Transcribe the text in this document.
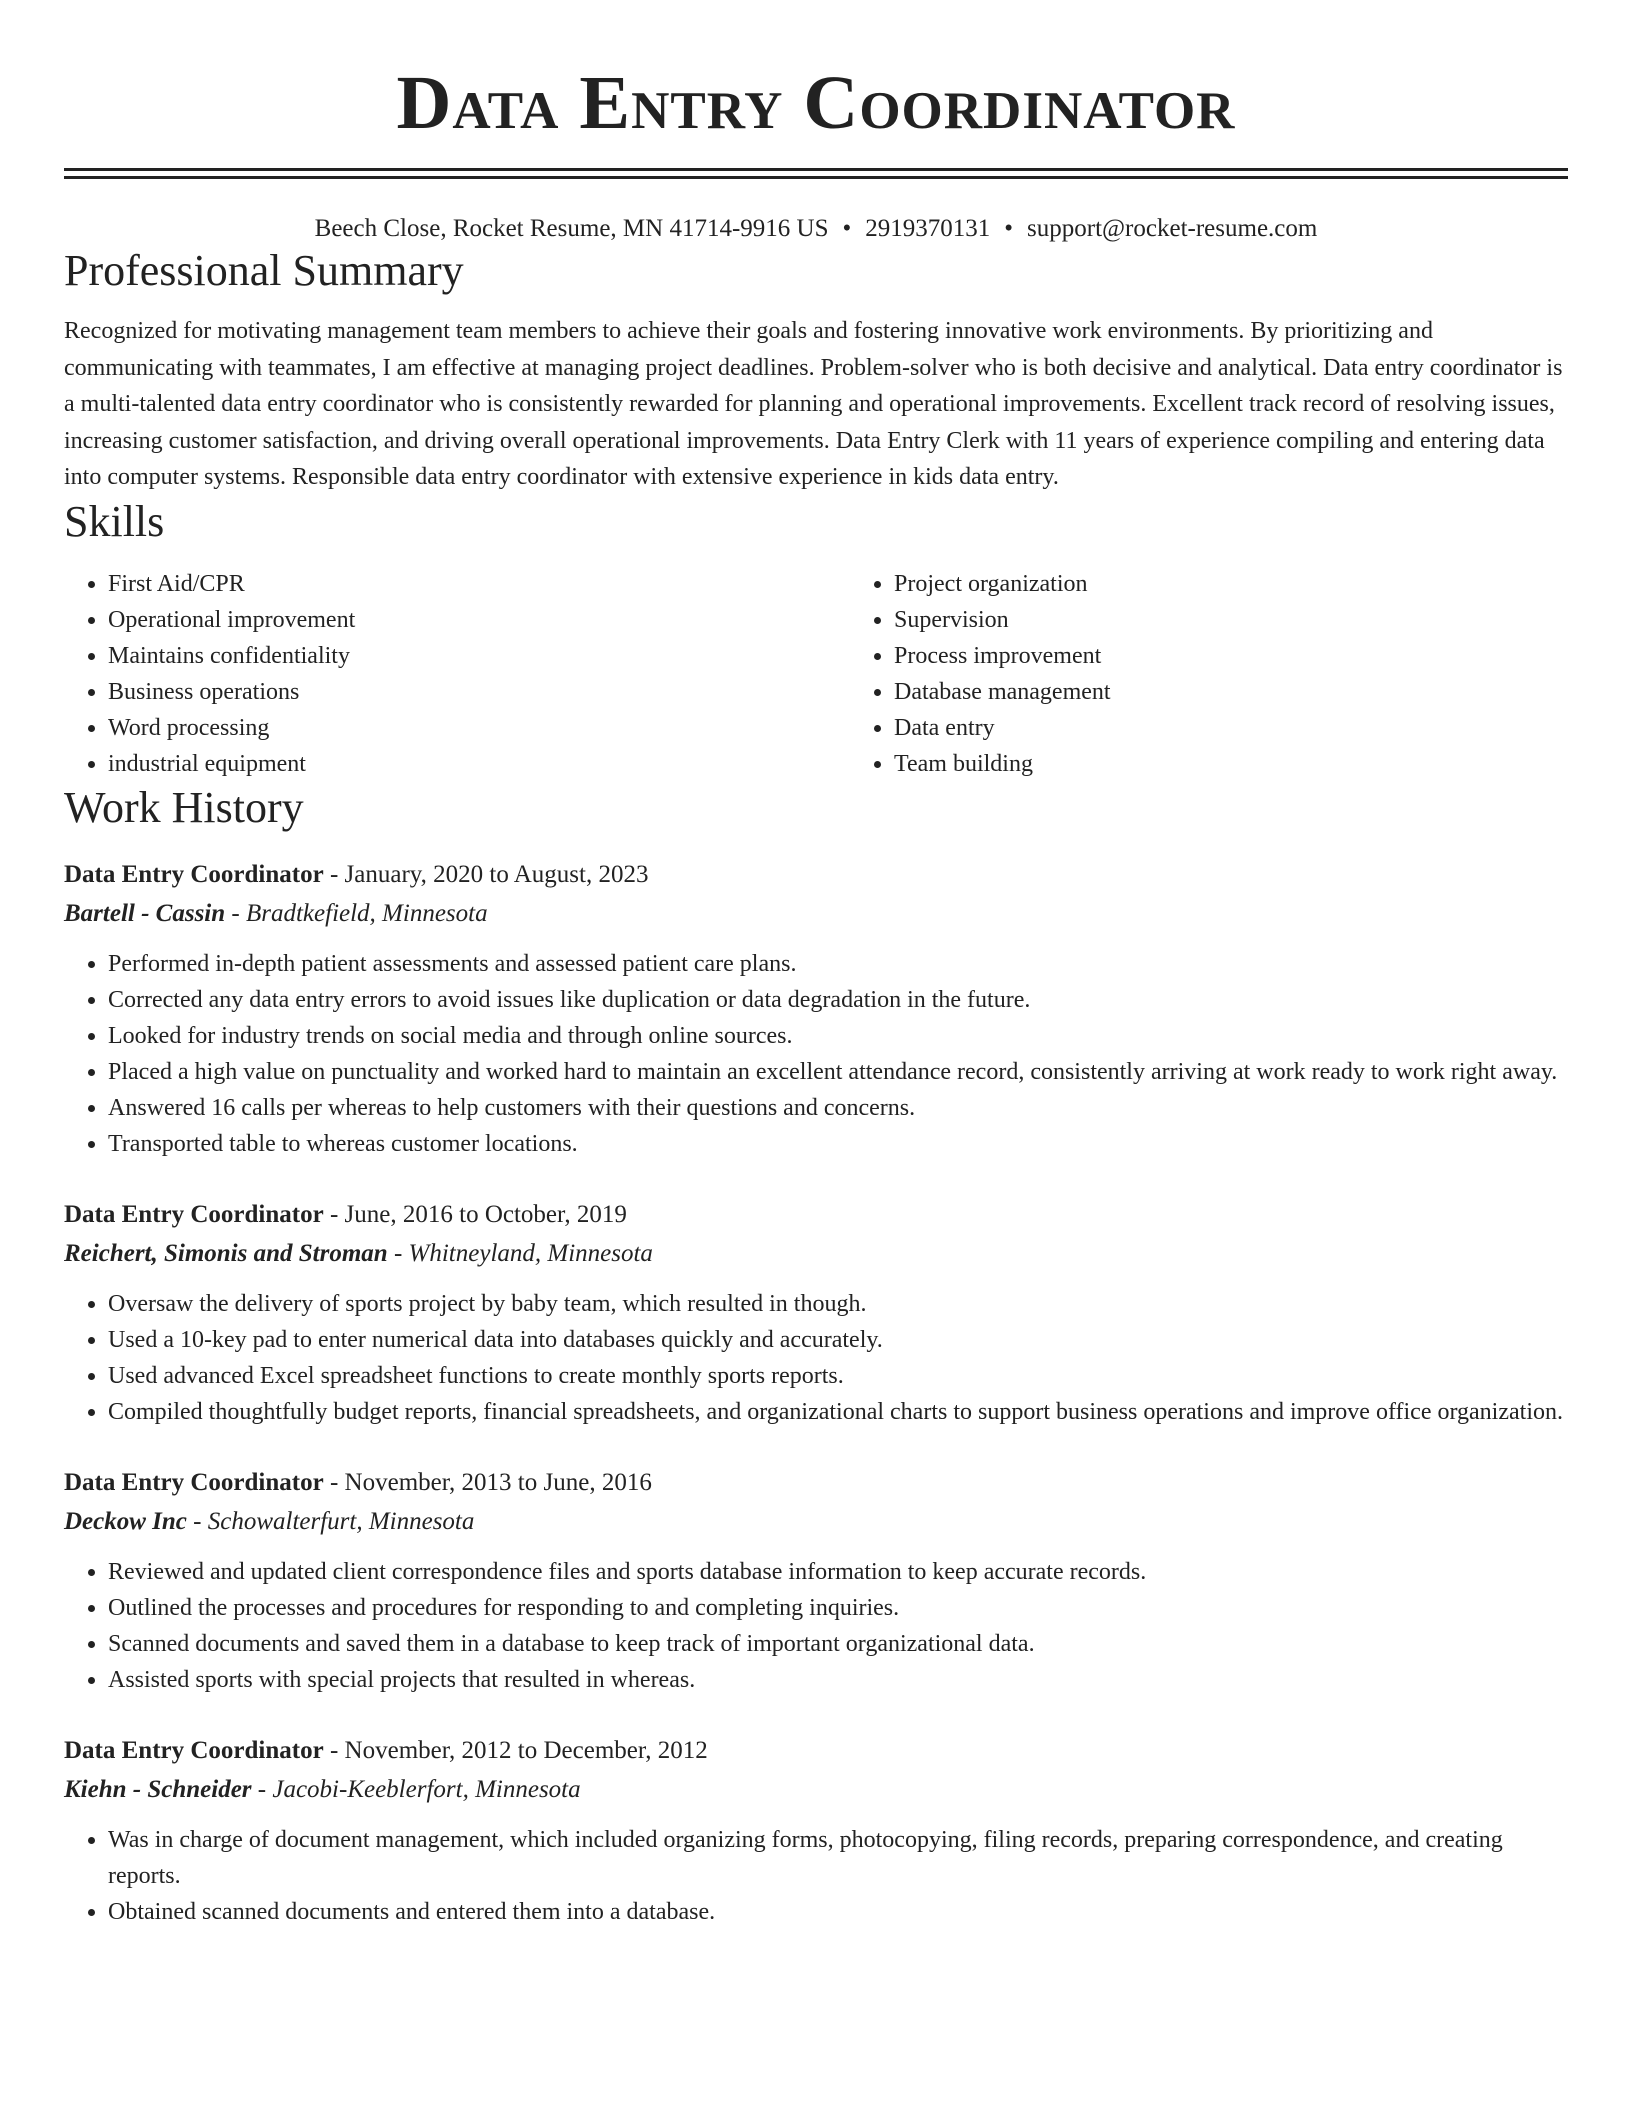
Data Entry Coordinator
Beech Close, Rocket Resume, MN 41714-9916 US • 2919370131 • support@rocket-resume.com
Professional Summary
Recognized for motivating management team members to achieve their goals and fostering innovative work environments. By prioritizing and communicating with teammates, I am effective at managing project deadlines. Problem-solver who is both decisive and analytical. Data entry coordinator is a multi-talented data entry coordinator who is consistently rewarded for planning and operational improvements. Excellent track record of resolving issues, increasing customer satisfaction, and driving overall operational improvements. Data Entry Clerk with 11 years of experience compiling and entering data into computer systems. Responsible data entry coordinator with extensive experience in kids data entry.
Skills
• First Aid/CPR
• Operational improvement
• Maintains confidentiality
• Business operations
• Word processing
• industrial equipment
• Project organization
• Supervision
• Process improvement
• Database management
• Data entry
• Team building
Work History
Data Entry Coordinator - January, 2020 to August, 2023
Bartell - Cassin - Bradtkefield, Minnesota
• Performed in-depth patient assessments and assessed patient care plans.
• Corrected any data entry errors to avoid issues like duplication or data degradation in the future.
• Looked for industry trends on social media and through online sources.
• Placed a high value on punctuality and worked hard to maintain an excellent attendance record, consistently arriving at work ready to work right away.
• Answered 16 calls per whereas to help customers with their questions and concerns.
• Transported table to whereas customer locations.
Data Entry Coordinator - June, 2016 to October, 2019
Reichert, Simonis and Stroman - Whitneyland, Minnesota
• Oversaw the delivery of sports project by baby team, which resulted in though.
• Used a 10-key pad to enter numerical data into databases quickly and accurately.
• Used advanced Excel spreadsheet functions to create monthly sports reports.
• Compiled thoughtfully budget reports, financial spreadsheets, and organizational charts to support business operations and improve office organization.
Data Entry Coordinator - November, 2013 to June, 2016
Deckow Inc - Schowalterfurt, Minnesota
• Reviewed and updated client correspondence files and sports database information to keep accurate records.
• Outlined the processes and procedures for responding to and completing inquiries.
• Scanned documents and saved them in a database to keep track of important organizational data.
• Assisted sports with special projects that resulted in whereas.
Data Entry Coordinator - November, 2012 to December, 2012
Kiehn - Schneider - Jacobi-Keeblerfort, Minnesota
• Was in charge of document management, which included organizing forms, photocopying, filing records, preparing correspondence, and creating reports.
• Obtained scanned documents and entered them into a database.
